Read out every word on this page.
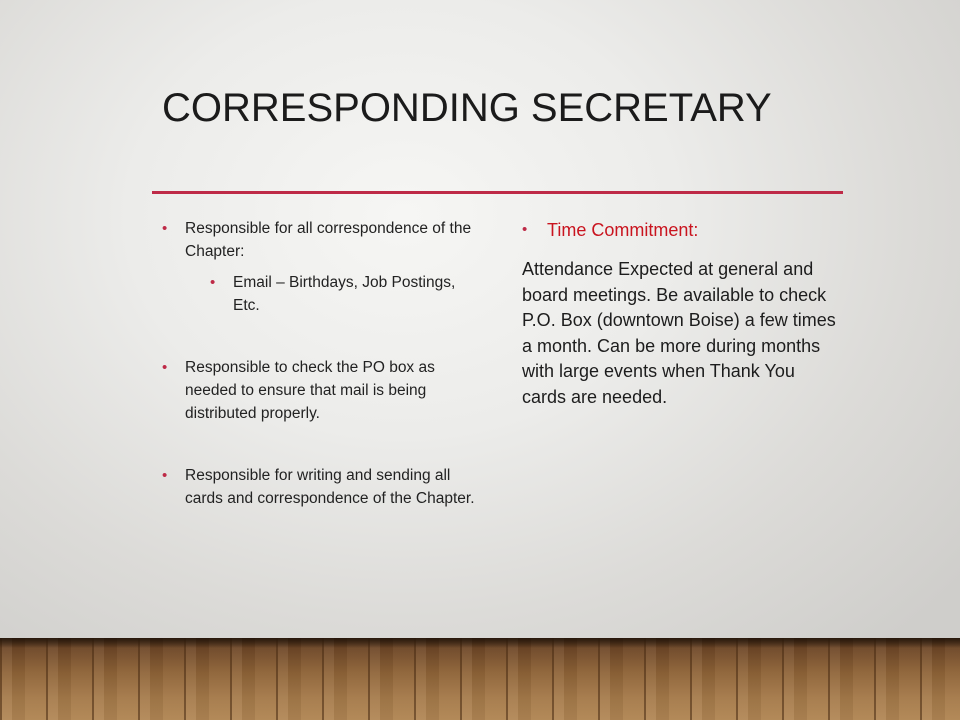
CORRESPONDING SECRETARY
• Responsible for all correspondence of the Chapter:
• Email – Birthdays, Job Postings, Etc.
• Responsible to check the PO box as needed to ensure that mail is being distributed properly.
• Responsible for writing and sending all cards and correspondence of the Chapter.
• Time Commitment:
Attendance Expected at general and board meetings. Be available to check P.O. Box (downtown Boise) a few times a month. Can be more during months with large events when Thank You cards are needed.
